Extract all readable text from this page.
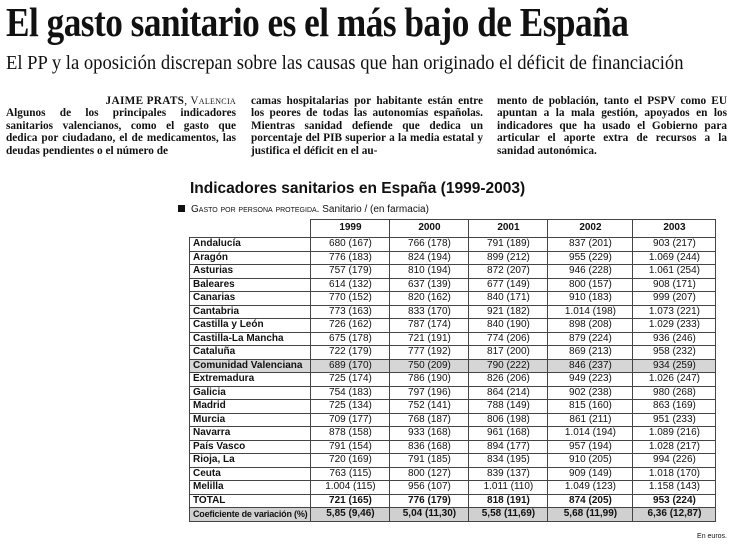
El gasto sanitario es el más bajo de España

El PP y la oposición discrepan sobre las causas que han originado el déficit de financiación

JAIME PRATS, Valencia

Algunos de los principales indicadores sanitarios valencianos, como el gasto que dedica por ciudadano, el de medicamentos, las deudas pendientes o el número de

camas hospitalarias por habitante están entre los peores de todas las autonomías españolas. Mientras sanidad defiende que dedica un porcentaje del PIB superior a la media estatal y justifica el déficit en el au-

mento de población, tanto el PSPV como EU apuntan a la mala gestión, apoyados en los indicadores que ha usado el Gobierno para articular el aporte extra de recursos a la sanidad autonómica.

Indicadores sanitarios en España (1999-2003)
Gasto por persona protegida. Sanitario / (en farmacia)
	1999	2000	2001	2002	2003
Andalucía	680 (167)	766 (178)	791 (189)	837 (201)	903 (217)
Aragón	776 (183)	824 (194)	899 (212)	955 (229)	1.069 (244)
Asturias	757 (179)	810 (194)	872 (207)	946 (228)	1.061 (254)
Baleares	614 (132)	637 (139)	677 (149)	800 (157)	908 (171)
Canarias	770 (152)	820 (162)	840 (171)	910 (183)	999 (207)
Cantabria	773 (163)	833 (170)	921 (182)	1.014 (198)	1.073 (221)
Castilla y León	726 (162)	787 (174)	840 (190)	898 (208)	1.029 (233)
Castilla-La Mancha	675 (178)	721 (191)	774 (206)	879 (224)	936 (246)
Cataluña	722 (179)	777 (192)	817 (200)	869 (213)	958 (232)
Comunidad Valenciana	689 (170)	750 (209)	790 (222)	846 (237)	934 (259)
Extremadura	725 (174)	786 (190)	826 (206)	949 (223)	1.026 (247)
Galicia	754 (183)	797 (196)	864 (214)	902 (238)	980 (268)
Madrid	725 (134)	752 (141)	788 (149)	815 (160)	863 (169)
Murcia	709 (177)	768 (187)	806 (198)	861 (211)	951 (233)
Navarra	878 (158)	933 (168)	961 (168)	1.014 (194)	1.089 (216)
País Vasco	791 (154)	836 (168)	894 (177)	957 (194)	1.028 (217)
Rioja, La	720 (169)	791 (185)	834 (195)	910 (205)	994 (226)
Ceuta	763 (115)	800 (127)	839 (137)	909 (149)	1.018 (170)
Melilla	1.004 (115)	956 (107)	1.011 (110)	1.049 (123)	1.158 (143)
TOTAL	721 (165)	776 (179)	818 (191)	874 (205)	953 (224)
Coeficiente de variación (%)	5,85 (9,46)	5,04 (11,30)	5,58 (11,69)	5,68 (11,99)	6,36 (12,87)
En euros.
